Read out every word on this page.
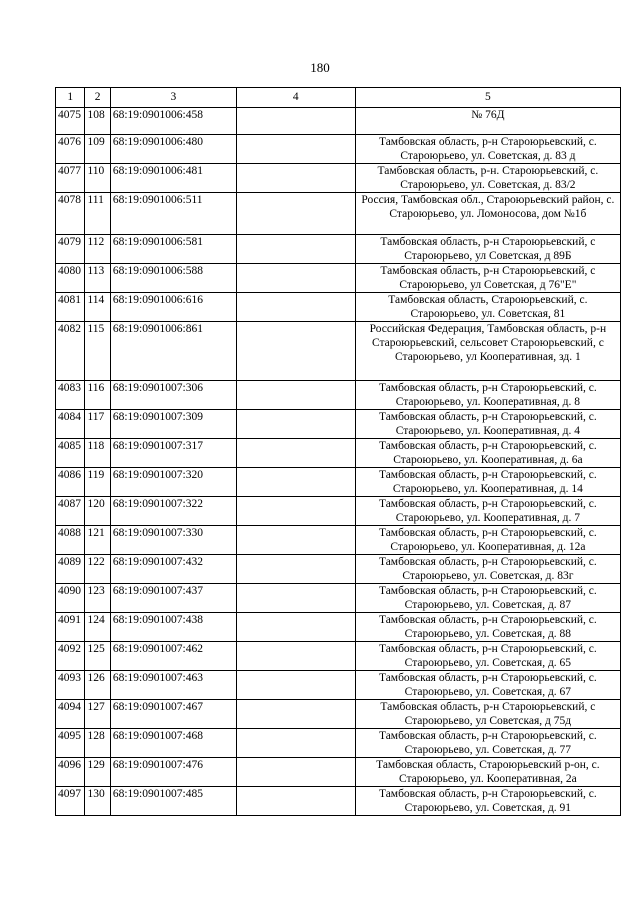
180
1	2	3	4	5
4075	108	68:19:0901006:458		№ 76Д
4076	109	68:19:0901006:480		Тамбовская область, р-н Староюрьевский, с. Староюрьево, ул. Советская, д. 83 д
4077	110	68:19:0901006:481		Тамбовская область, р-н. Староюрьевский, с. Староюрьево, ул. Советская, д. 83/2
4078	111	68:19:0901006:511		Россия, Тамбовская обл., Староюрьевский район, с. Староюрьево, ул. Ломоносова, дом №1б
4079	112	68:19:0901006:581		Тамбовская область, р-н Староюрьевский, с Староюрьево, ул Советская, д 89Б
4080	113	68:19:0901006:588		Тамбовская область, р-н Староюрьевский, с Староюрьево, ул Советская, д 76"Е"
4081	114	68:19:0901006:616		Тамбовская область, Староюрьевский, с. Староюрьево, ул. Советская, 81
4082	115	68:19:0901006:861		Российская Федерация, Тамбовская область, р-н Староюрьевский, сельсовет Староюрьевский, с Староюрьево, ул Кооперативная, зд. 1
4083	116	68:19:0901007:306		Тамбовская область, р-н Староюрьевский, с. Староюрьево, ул. Кооперативная, д. 8
4084	117	68:19:0901007:309		Тамбовская область, р-н Староюрьевский, с. Староюрьево, ул. Кооперативная, д. 4
4085	118	68:19:0901007:317		Тамбовская область, р-н Староюрьевский, с. Староюрьево, ул. Кооперативная, д. 6а
4086	119	68:19:0901007:320		Тамбовская область, р-н Староюрьевский, с. Староюрьево, ул. Кооперативная, д. 14
4087	120	68:19:0901007:322		Тамбовская область, р-н Староюрьевский, с. Староюрьево, ул. Кооперативная, д. 7
4088	121	68:19:0901007:330		Тамбовская область, р-н Староюрьевский, с. Староюрьево, ул. Кооперативная, д. 12а
4089	122	68:19:0901007:432		Тамбовская область, р-н Староюрьевский, с. Староюрьево, ул. Советская, д. 83г
4090	123	68:19:0901007:437		Тамбовская область, р-н Староюрьевский, с. Староюрьево, ул. Советская, д. 87
4091	124	68:19:0901007:438		Тамбовская область, р-н Староюрьевский, с. Староюрьево, ул. Советская, д. 88
4092	125	68:19:0901007:462		Тамбовская область, р-н Староюрьевский, с. Староюрьево, ул. Советская, д. 65
4093	126	68:19:0901007:463		Тамбовская область, р-н Староюрьевский, с. Староюрьево, ул. Советская, д. 67
4094	127	68:19:0901007:467		Тамбовская область, р-н Староюрьевский, с Староюрьево, ул Советская, д 75д
4095	128	68:19:0901007:468		Тамбовская область, р-н Староюрьевский, с. Староюрьево, ул. Советская, д. 77
4096	129	68:19:0901007:476		Тамбовская область, Староюрьевский р-он, с. Староюрьево, ул. Кооперативная, 2а
4097	130	68:19:0901007:485		Тамбовская область, р-н Староюрьевский, с. Староюрьево, ул. Советская, д. 91
